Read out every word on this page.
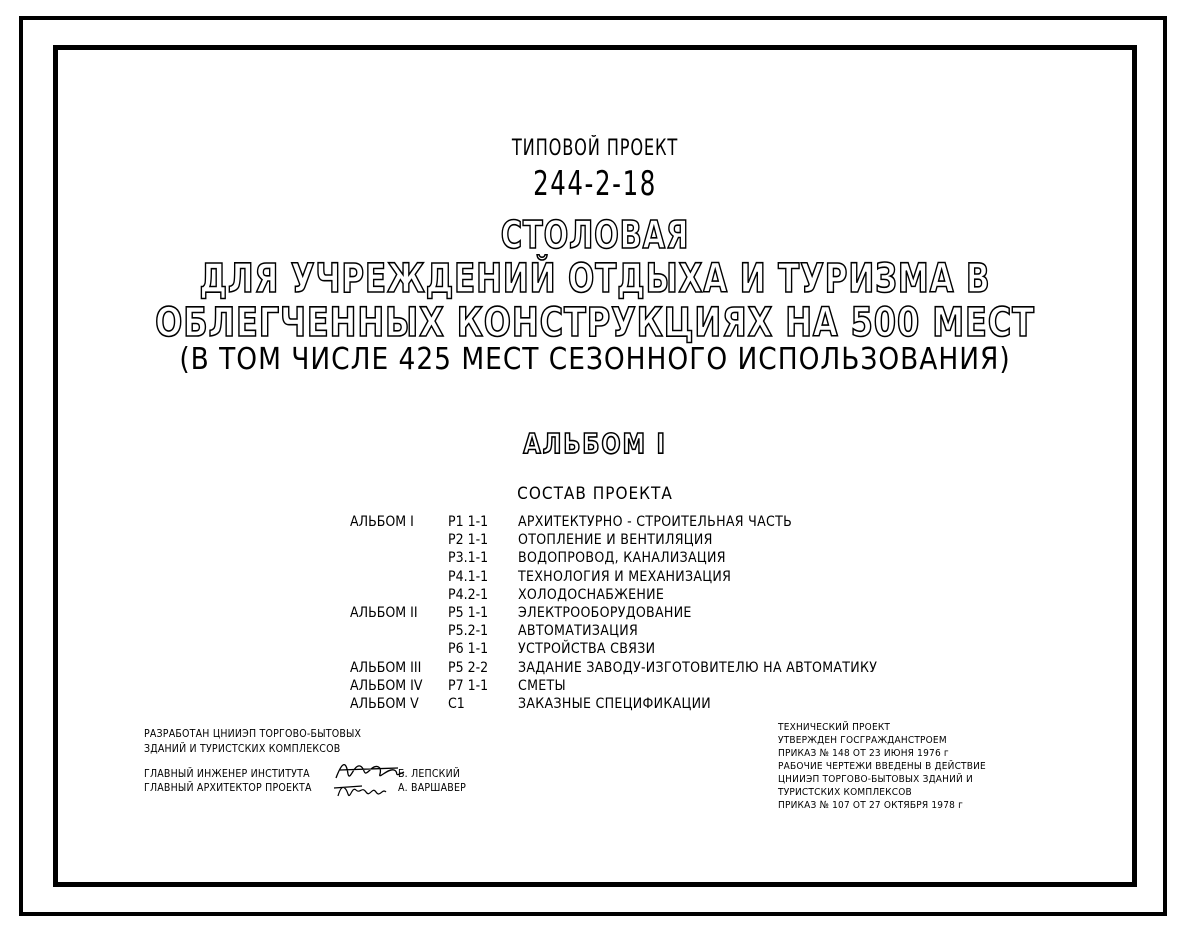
ТИПОВОЙ ПРОЕКТ
244-2-18
СТОЛОВАЯ
ДЛЯ УЧРЕЖДЕНИЙ ОТДЫХА И ТУРИЗМА В
ОБЛЕГЧЕННЫХ КОНСТРУКЦИЯХ НА 500 МЕСТ
(В ТОМ ЧИСЛЕ 425 МЕСТ СЕЗОННОГО ИСПОЛЬЗОВАНИЯ)
АЛЬБОМ I
СОСТАВ ПРОЕКТА
АЛЬБОМ I Р1 1-1 АРХИТЕКТУРНО - СТРОИТЕЛЬНАЯ ЧАСТЬ
Р2 1-1 ОТОПЛЕНИЕ И ВЕНТИЛЯЦИЯ
Р3.1-1 ВОДОПРОВОД, КАНАЛИЗАЦИЯ
Р4.1-1 ТЕХНОЛОГИЯ И МЕХАНИЗАЦИЯ
Р4.2-1 ХОЛОДОСНАБЖЕНИЕ
АЛЬБОМ II Р5 1-1 ЭЛЕКТРООБОРУДОВАНИЕ
Р5.2-1 АВТОМАТИЗАЦИЯ
Р6 1-1 УСТРОЙСТВА СВЯЗИ
АЛЬБОМ III Р5 2-2 ЗАДАНИЕ ЗАВОДУ-ИЗГОТОВИТЕЛЮ НА АВТОМАТИКУ
АЛЬБОМ IV Р7 1-1 СМЕТЫ
АЛЬБОМ V С1	ЗАКАЗНЫЕ СПЕЦИФИКАЦИИ
РАЗРАБОТАН ЦНИИЭП ТОРГОВО-БЫТОВЫХ
ЗДАНИЙ И ТУРИСТСКИХ КОМПЛЕКСОВ
ГЛАВНЫЙ ИНЖЕНЕР ИНСТИТУТА	Б. ЛЕПСКИЙ
ГЛАВНЫЙ АРХИТЕКТОР ПРОЕКТА	А. ВАРШАВЕР
ТЕХНИЧЕСКИЙ ПРОЕКТ
УТВЕРЖДЕН ГОСГРАЖДАНСТРОЕМ
ПРИКАЗ № 148 ОТ 23 ИЮНЯ 1976 г
РАБОЧИЕ ЧЕРТЕЖИ ВВЕДЕНЫ В ДЕЙСТВИЕ
ЦНИИЭП ТОРГОВО-БЫТОВЫХ ЗДАНИЙ И
ТУРИСТСКИХ КОМПЛЕКСОВ
ПРИКАЗ № 107 ОТ 27 ОКТЯБРЯ 1978 г
